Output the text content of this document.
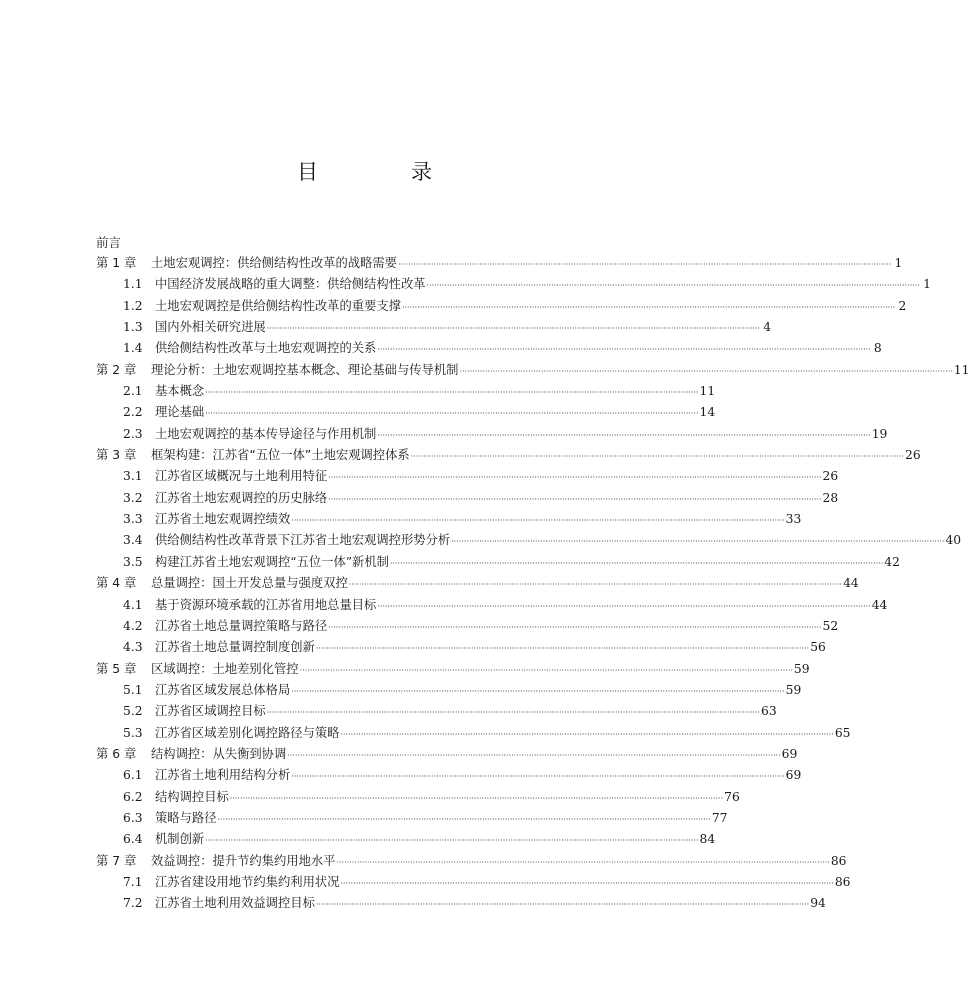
目　录
前言
第 1 章	土地宏观调控：供给侧结构性改革的战略需要 ·····	1
1.1	中国经济发展战略的重大调整：供给侧结构性改革 ·····	1
1.2	土地宏观调控是供给侧结构性改革的重要支撑 ·····	2
1.3	国内外相关研究进展 ·····	4
1.4	供给侧结构性改革与土地宏观调控的关系 ·····	8
第 2 章	理论分析：土地宏观调控基本概念、理论基础与传导机制 ·····	11
2.1	基本概念 ·····	11
2.2	理论基础 ·····	14
2.3	土地宏观调控的基本传导途径与作用机制 ·····	19
第 3 章	框架构建：江苏省“五位一体”土地宏观调控体系 ·····	26
3.1	江苏省区域概况与土地利用特征 ·····	26
3.2	江苏省土地宏观调控的历史脉络 ·····	28
3.3	江苏省土地宏观调控绩效 ·····	33
3.4	供给侧结构性改革背景下江苏省土地宏观调控形势分析 ·····	40
3.5	构建江苏省土地宏观调控“五位一体”新机制 ·····	42
第 4 章	总量调控：国土开发总量与强度双控 ·····	44
4.1	基于资源环境承载的江苏省用地总量目标 ·····	44
4.2	江苏省土地总量调控策略与路径 ·····	52
4.3	江苏省土地总量调控制度创新 ·····	56
第 5 章	区域调控：土地差别化管控 ·····	59
5.1	江苏省区域发展总体格局 ·····	59
5.2	江苏省区域调控目标 ·····	63
5.3	江苏省区域差别化调控路径与策略 ·····	65
第 6 章	结构调控：从失衡到协调 ·····	69
6.1	江苏省土地利用结构分析 ·····	69
6.2	结构调控目标 ·····	76
6.3	策略与路径 ·····	77
6.4	机制创新 ·····	84
第 7 章	效益调控：提升节约集约用地水平 ·····	86
7.1	江苏省建设用地节约集约利用状况 ·····	86
7.2	江苏省土地利用效益调控目标 ·····	94
